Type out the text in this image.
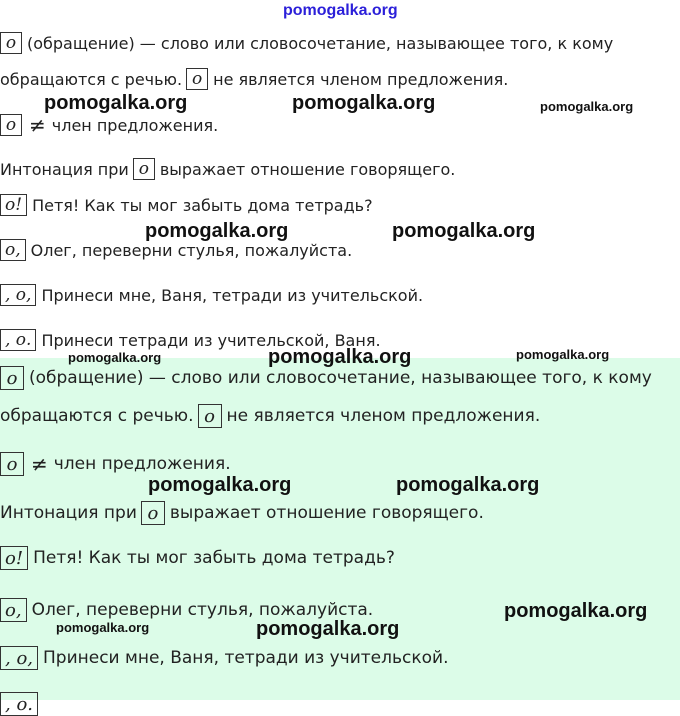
pomogalka.org
о (обращение) — слово или словосочетание, называющее того, к кому
обращаются с речью. о не является членом предложения.
pomogalka.org	pomogalka.org	pomogalka.org
о ≠ член предложения.
Интонация при о выражает отношение говорящего.
о! Петя! Как ты мог забыть дома тетрадь?
pomogalka.org	pomogalka.org
о, Олег, переверни стулья, пожалуйста.
, о, Принеси мне, Ваня, тетради из учительской.
, о. Принеси тетради из учительской, Ваня.
pomogalka.org	pomogalka.org	pomogalka.org
о (обращение) — слово или словосочетание, называющее того, к кому
обращаются с речью. о не является членом предложения.
о ≠ член предложения.
pomogalka.org	pomogalka.org
Интонация при о выражает отношение говорящего.
о! Петя! Как ты мог забыть дома тетрадь?
о, Олег, переверни стулья, пожалуйста.	pomogalka.org
pomogalka.org	pomogalka.org
, о, Принеси мне, Ваня, тетради из учительской.
, о.
